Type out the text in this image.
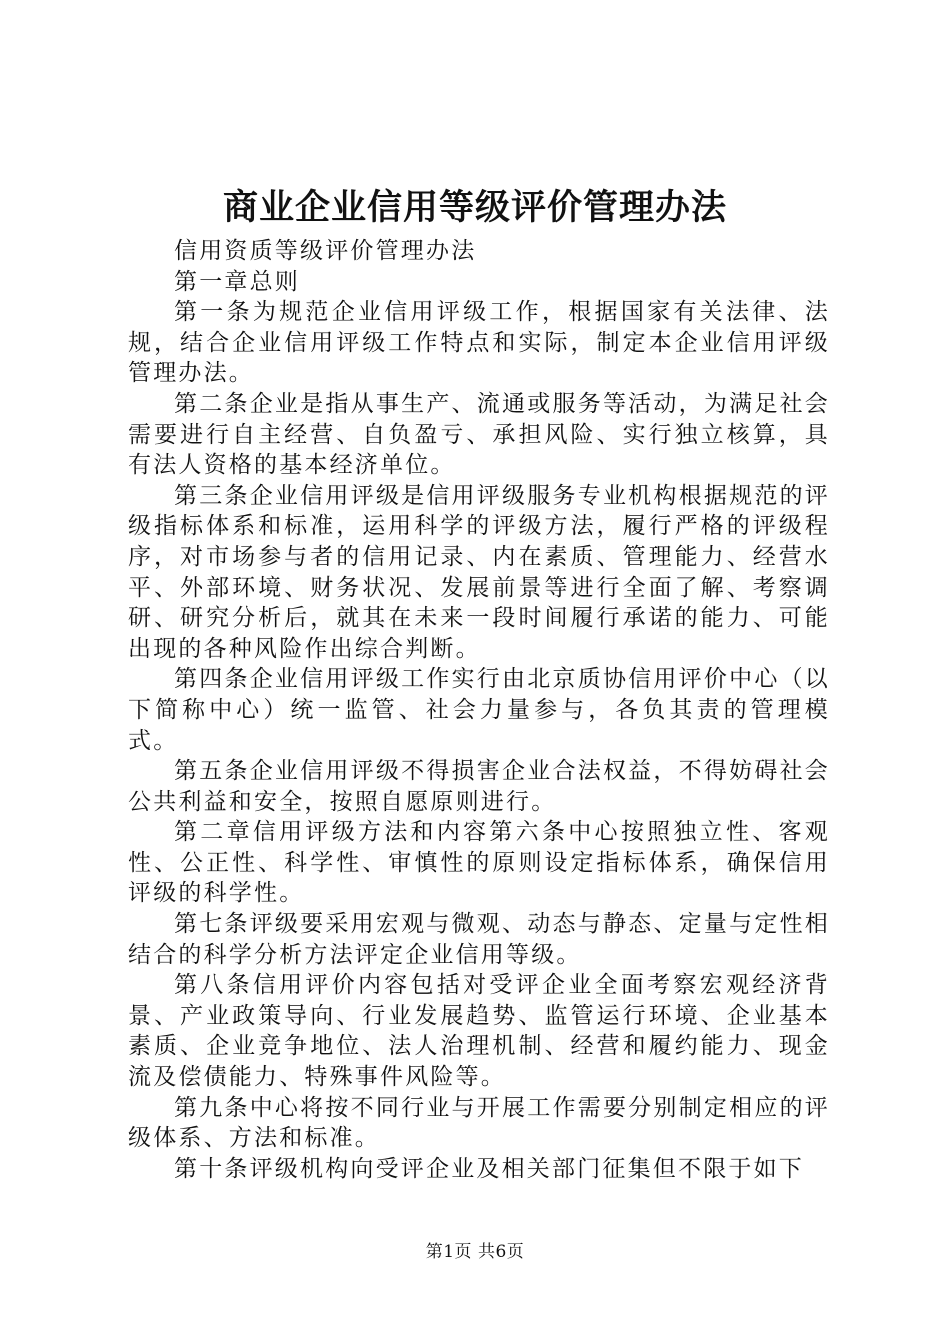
商业企业信用等级评价管理办法

信用资质等级评价管理办法

第一章总则

第一条为规范企业信用评级工作，根据国家有关法律、法规，结合企业信用评级工作特点和实际，制定本企业信用评级管理办法。

第二条企业是指从事生产、流通或服务等活动，为满足社会需要进行自主经营、自负盈亏、承担风险、实行独立核算，具有法人资格的基本经济单位。

第三条企业信用评级是信用评级服务专业机构根据规范的评级指标体系和标准，运用科学的评级方法，履行严格的评级程序，对市场参与者的信用记录、内在素质、管理能力、经营水平、外部环境、财务状况、发展前景等进行全面了解、考察调研、研究分析后，就其在未来一段时间履行承诺的能力、可能出现的各种风险作出综合判断。

第四条企业信用评级工作实行由北京质协信用评价中心（以下简称中心）统一监管、社会力量参与，各负其责的管理模式。

第五条企业信用评级不得损害企业合法权益，不得妨碍社会公共利益和安全，按照自愿原则进行。

第二章信用评级方法和内容第六条中心按照独立性、客观性、公正性、科学性、审慎性的原则设定指标体系，确保信用评级的科学性。

第七条评级要采用宏观与微观、动态与静态、定量与定性相结合的科学分析方法评定企业信用等级。

第八条信用评价内容包括对受评企业全面考察宏观经济背景、产业政策导向、行业发展趋势、监管运行环境、企业基本素质、企业竞争地位、法人治理机制、经营和履约能力、现金流及偿债能力、特殊事件风险等。

第九条中心将按不同行业与开展工作需要分别制定相应的评级体系、方法和标准。

第十条评级机构向受评企业及相关部门征集但不限于如下

第1页 共6页
